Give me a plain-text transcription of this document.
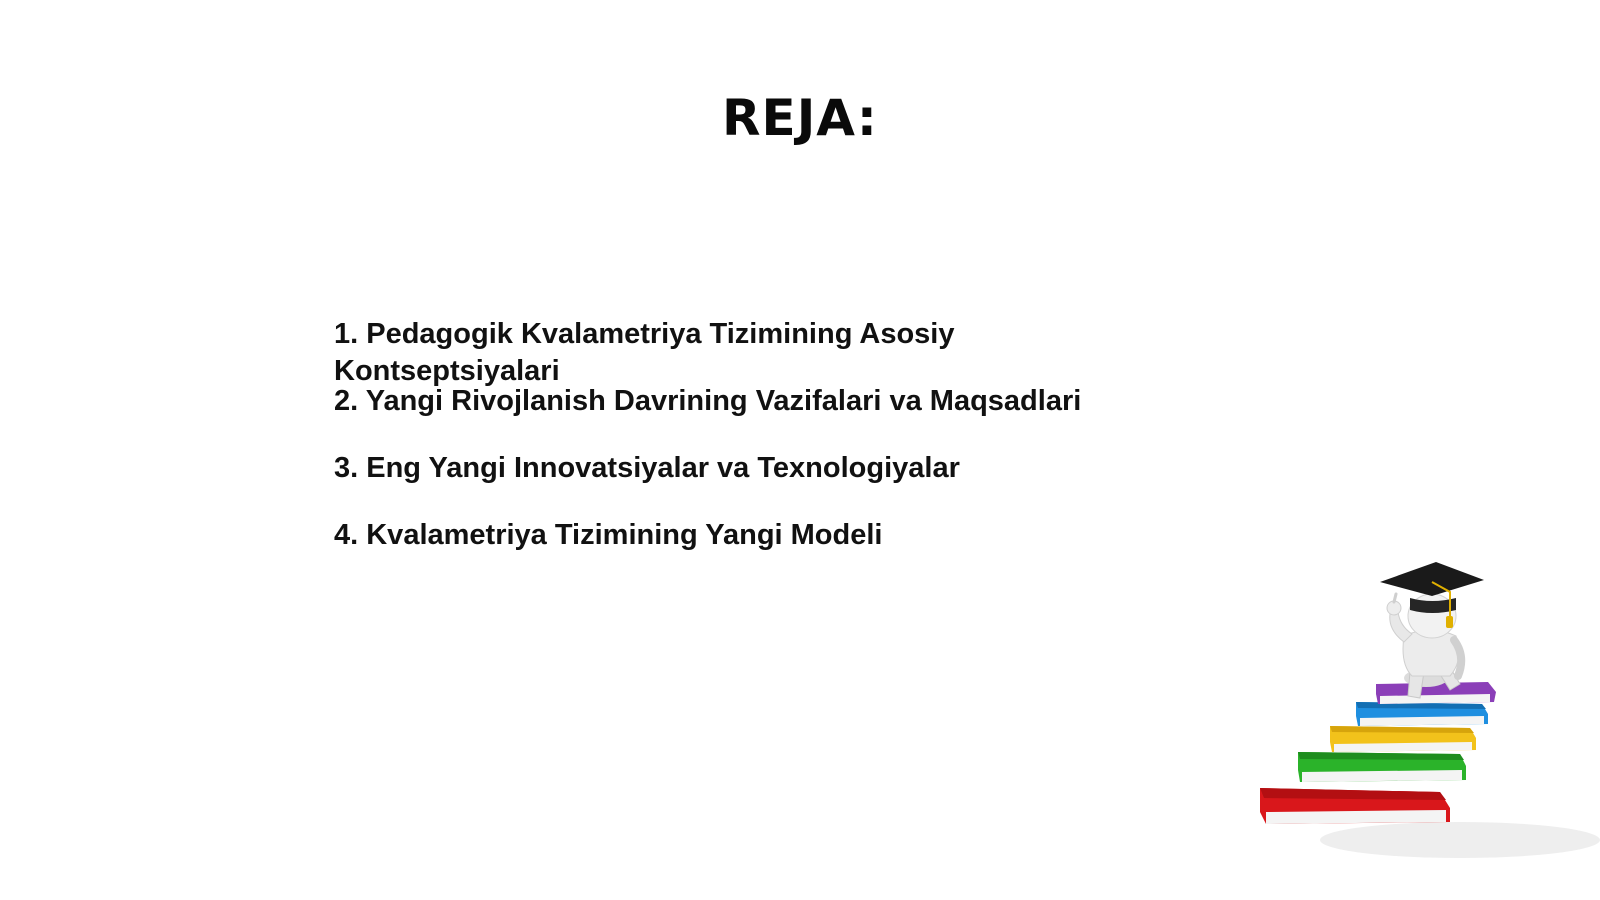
REJA:

1. Pedagogik Kvalametriya Tizimining Asosiy Kontseptsiyalari

2. Yangi Rivojlanish Davrining Vazifalari va Maqsadlari

3. Eng Yangi Innovatsiyalar va Texnologiyalar

4. Kvalametriya Tizimining Yangi Modeli
